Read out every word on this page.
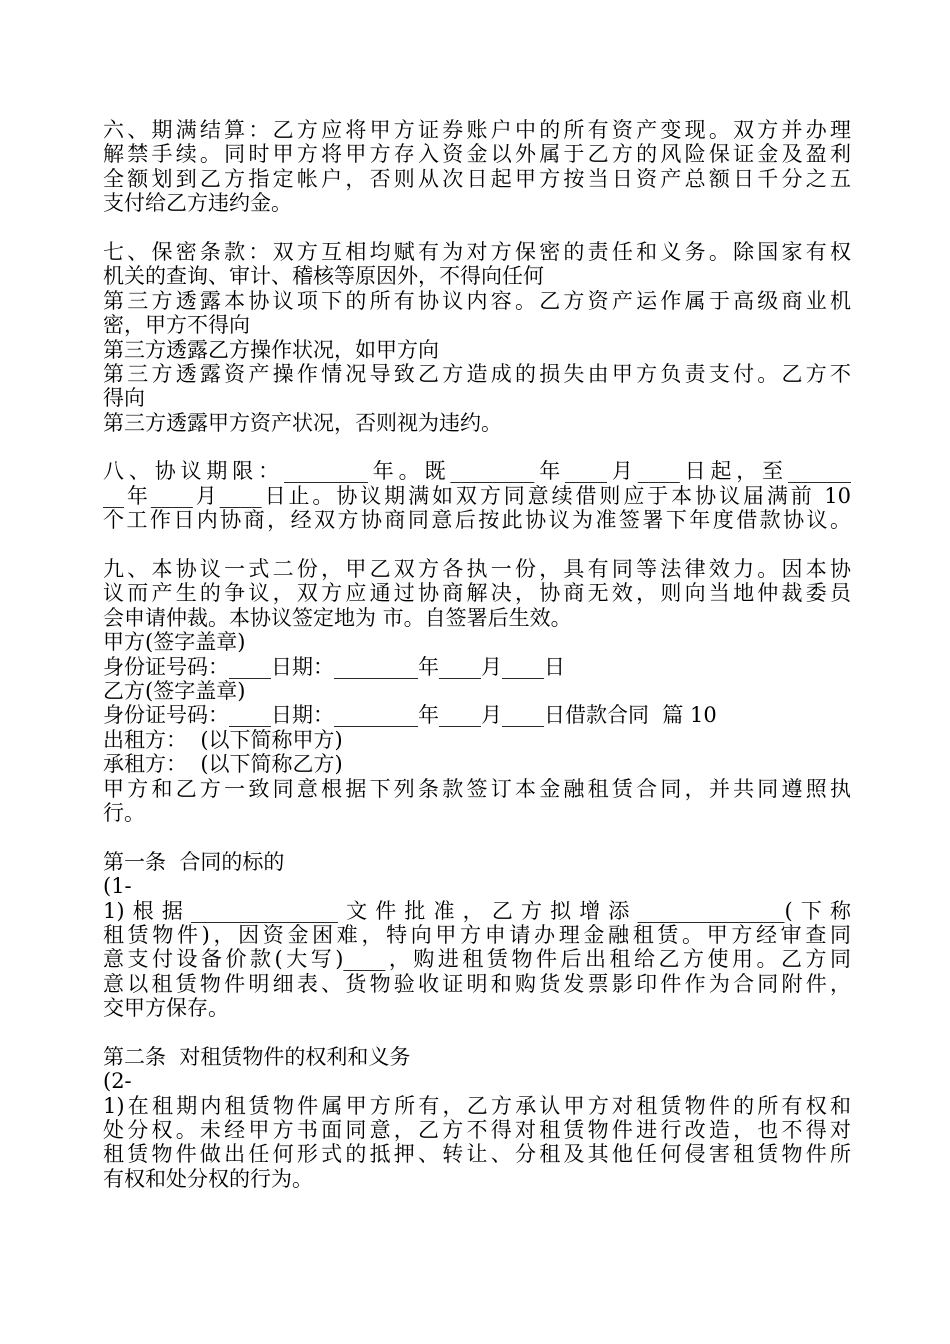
六、期满结算：乙方应将甲方证券账户中的所有资产变现。双方并办理
解禁手续。同时甲方将甲方存入资金以外属于乙方的风险保证金及盈利
全额划到乙方指定帐户，否则从次日起甲方按当日资产总额日千分之五
支付给乙方违约金。
七、保密条款：双方互相均赋有为对方保密的责任和义务。除国家有权
机关的查询、审计、稽核等原因外，不得向任何
第三方透露本协议项下的所有协议内容。乙方资产运作属于高级商业机
密，甲方不得向
第三方透露乙方操作状况，如甲方向
第三方透露资产操作情况导致乙方造成的损失由甲方负责支付。乙方不
得向
第三方透露甲方资产状况，否则视为违约。
八、协议期限：________年。既________年____月____日起，至______
__年____月____日止。协议期满如双方同意续借则应于本协议届满前 10
个工作日内协商，经双方协商同意后按此协议为准签署下年度借款协议。
九、本协议一式二份，甲乙双方各执一份，具有同等法律效力。因本协
议而产生的争议，双方应通过协商解决，协商无效，则向当地仲裁委员
会申请仲裁。本协议签定地为 市。自签署后生效。
甲方(签字盖章)
身份证号码：____日期：________年____月____日
乙方(签字盖章)
身份证号码：____日期：________年____月____日借款合同  篇 10
出租方：  (以下简称甲方)
承租方：  (以下简称乙方)
甲方和乙方一致同意根据下列条款签订本金融租赁合同，并共同遵照执
行。
第一条  合同的标的
(1-
1)根据______________文件批准，乙方拟增添______________(下称
租赁物件)，因资金困难，特向甲方申请办理金融租赁。甲方经审查同
意支付设备价款(大写)____，购进租赁物件后出租给乙方使用。乙方同
意以租赁物件明细表、货物验收证明和购货发票影印件作为合同附件，
交甲方保存。
第二条  对租赁物件的权利和义务
(2-
1)在租期内租赁物件属甲方所有，乙方承认甲方对租赁物件的所有权和
处分权。未经甲方书面同意，乙方不得对租赁物件进行改造，也不得对
租赁物件做出任何形式的抵押、转让、分租及其他任何侵害租赁物件所
有权和处分权的行为。
